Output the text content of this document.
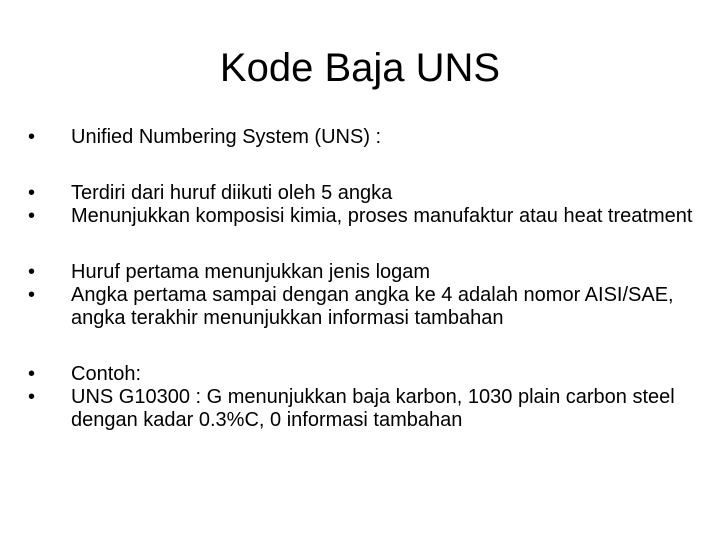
Kode Baja UNS
•	Unified Numbering System (UNS) :
•	Terdiri dari huruf diikuti oleh 5 angka
•	Menunjukkan komposisi kimia, proses manufaktur atau heat treatment
•	Huruf pertama menunjukkan jenis logam
•	Angka pertama sampai dengan angka ke 4 adalah nomor AISI/SAE, angka terakhir menunjukkan informasi tambahan
•	Contoh:
•	UNS G10300 : G menunjukkan baja karbon, 1030 plain carbon steel dengan kadar 0.3%C, 0 informasi tambahan
